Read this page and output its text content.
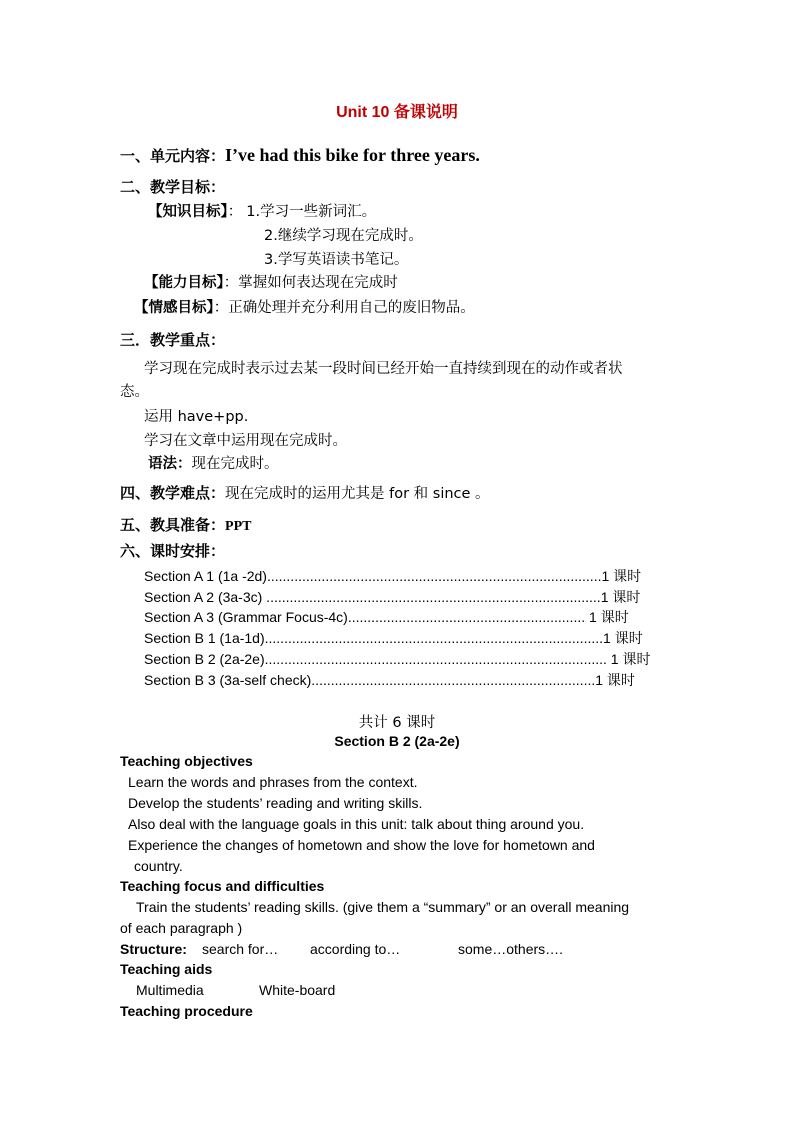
Unit 10 备课说明
一、单元内容：I’ve had this bike for three years.
二、教学目标：
【知识目标】： 1.学习一些新词汇。
2.继续学习现在完成时。
3.学写英语读书笔记。
【能力目标】：掌握如何表达现在完成时
【情感目标】：正确处理并充分利用自己的废旧物品。
三．教学重点：
学习现在完成时表示过去某一段时间已经开始一直持续到现在的动作或者状
态。
运用 have+pp.
学习在文章中运用现在完成时。
语法：现在完成时。
四、教学难点：现在完成时的运用尤其是 for 和 since 。
五、教具准备：PPT
六、课时安排：
Section A 1 (1a -2d)......................................................................................1 课时
Section A 2 (3a-3c) ......................................................................................1 课时
Section A 3 (Grammar Focus-4c)............................................................. 1 课时
Section B 1 (1a-1d).......................................................................................1 课时
Section B 2 (2a-2e)........................................................................................ 1 课时
Section B 3 (3a-self check).........................................................................1 课时
共计 6 课时
Section B 2 (2a-2e)
Teaching objectives
Learn the words and phrases from the context.
Develop the students’ reading and writing skills.
Also deal with the language goals in this unit: talk about thing around you.
Experience the changes of hometown and show the love for hometown and
country.
Teaching focus and difficulties
Train the students’ reading skills. (give them a “summary” or an overall meaning
of each paragraph )
Structure: search for… according to…	some…others….
Teaching aids
Multimedia	White-board
Teaching procedure
